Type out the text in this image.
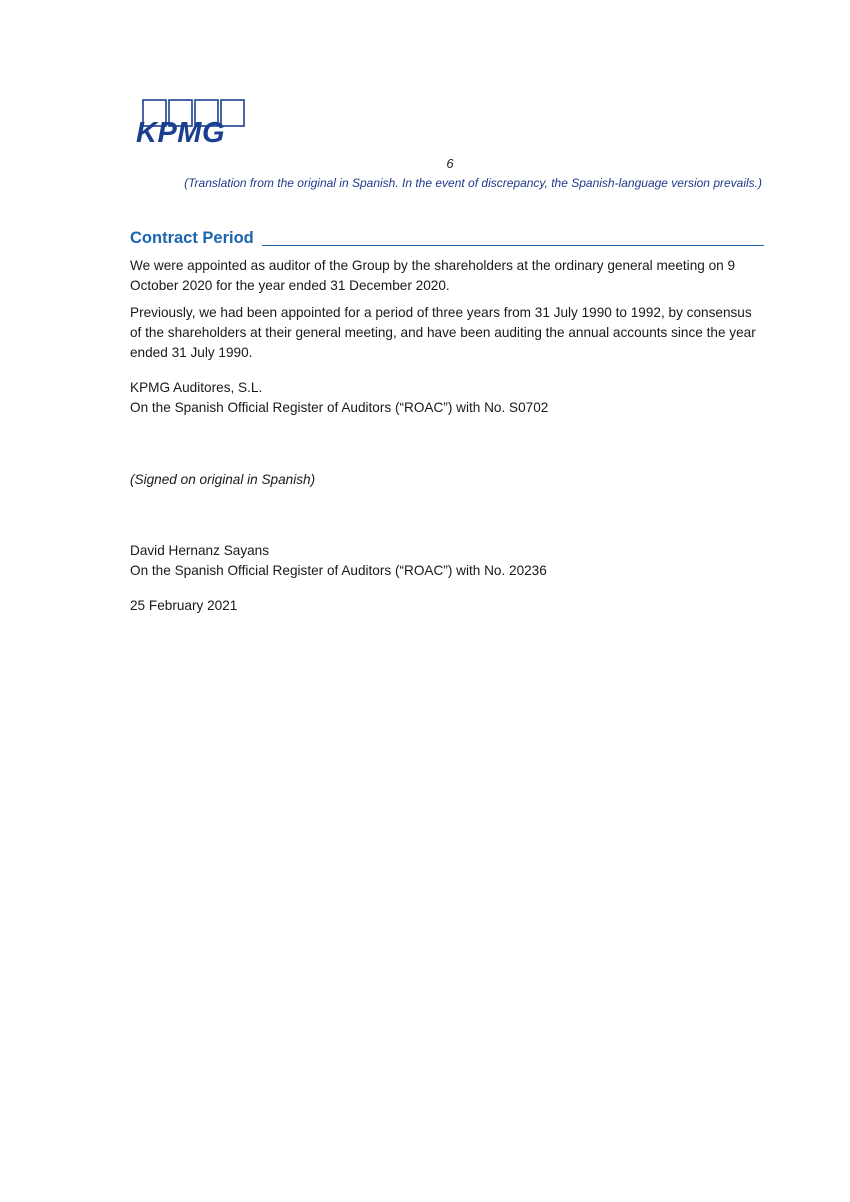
KPMG
6
(Translation from the original in Spanish. In the event of discrepancy, the Spanish-language version prevails.)
Contract Period

We were appointed as auditor of the Group by the shareholders at the ordinary general meeting on 9 October 2020 for the year ended 31 December 2020.

Previously, we had been appointed for a period of three years from 31 July 1990 to 1992, by consensus of the shareholders at their general meeting, and have been auditing the annual accounts since the year ended 31 July 1990.

KPMG Auditores, S.L.
On the Spanish Official Register of Auditors (“ROAC”) with No. S0702
(Signed on original in Spanish)
David Hernanz Sayans
On the Spanish Official Register of Auditors (“ROAC”) with No. 20236
25 February 2021
